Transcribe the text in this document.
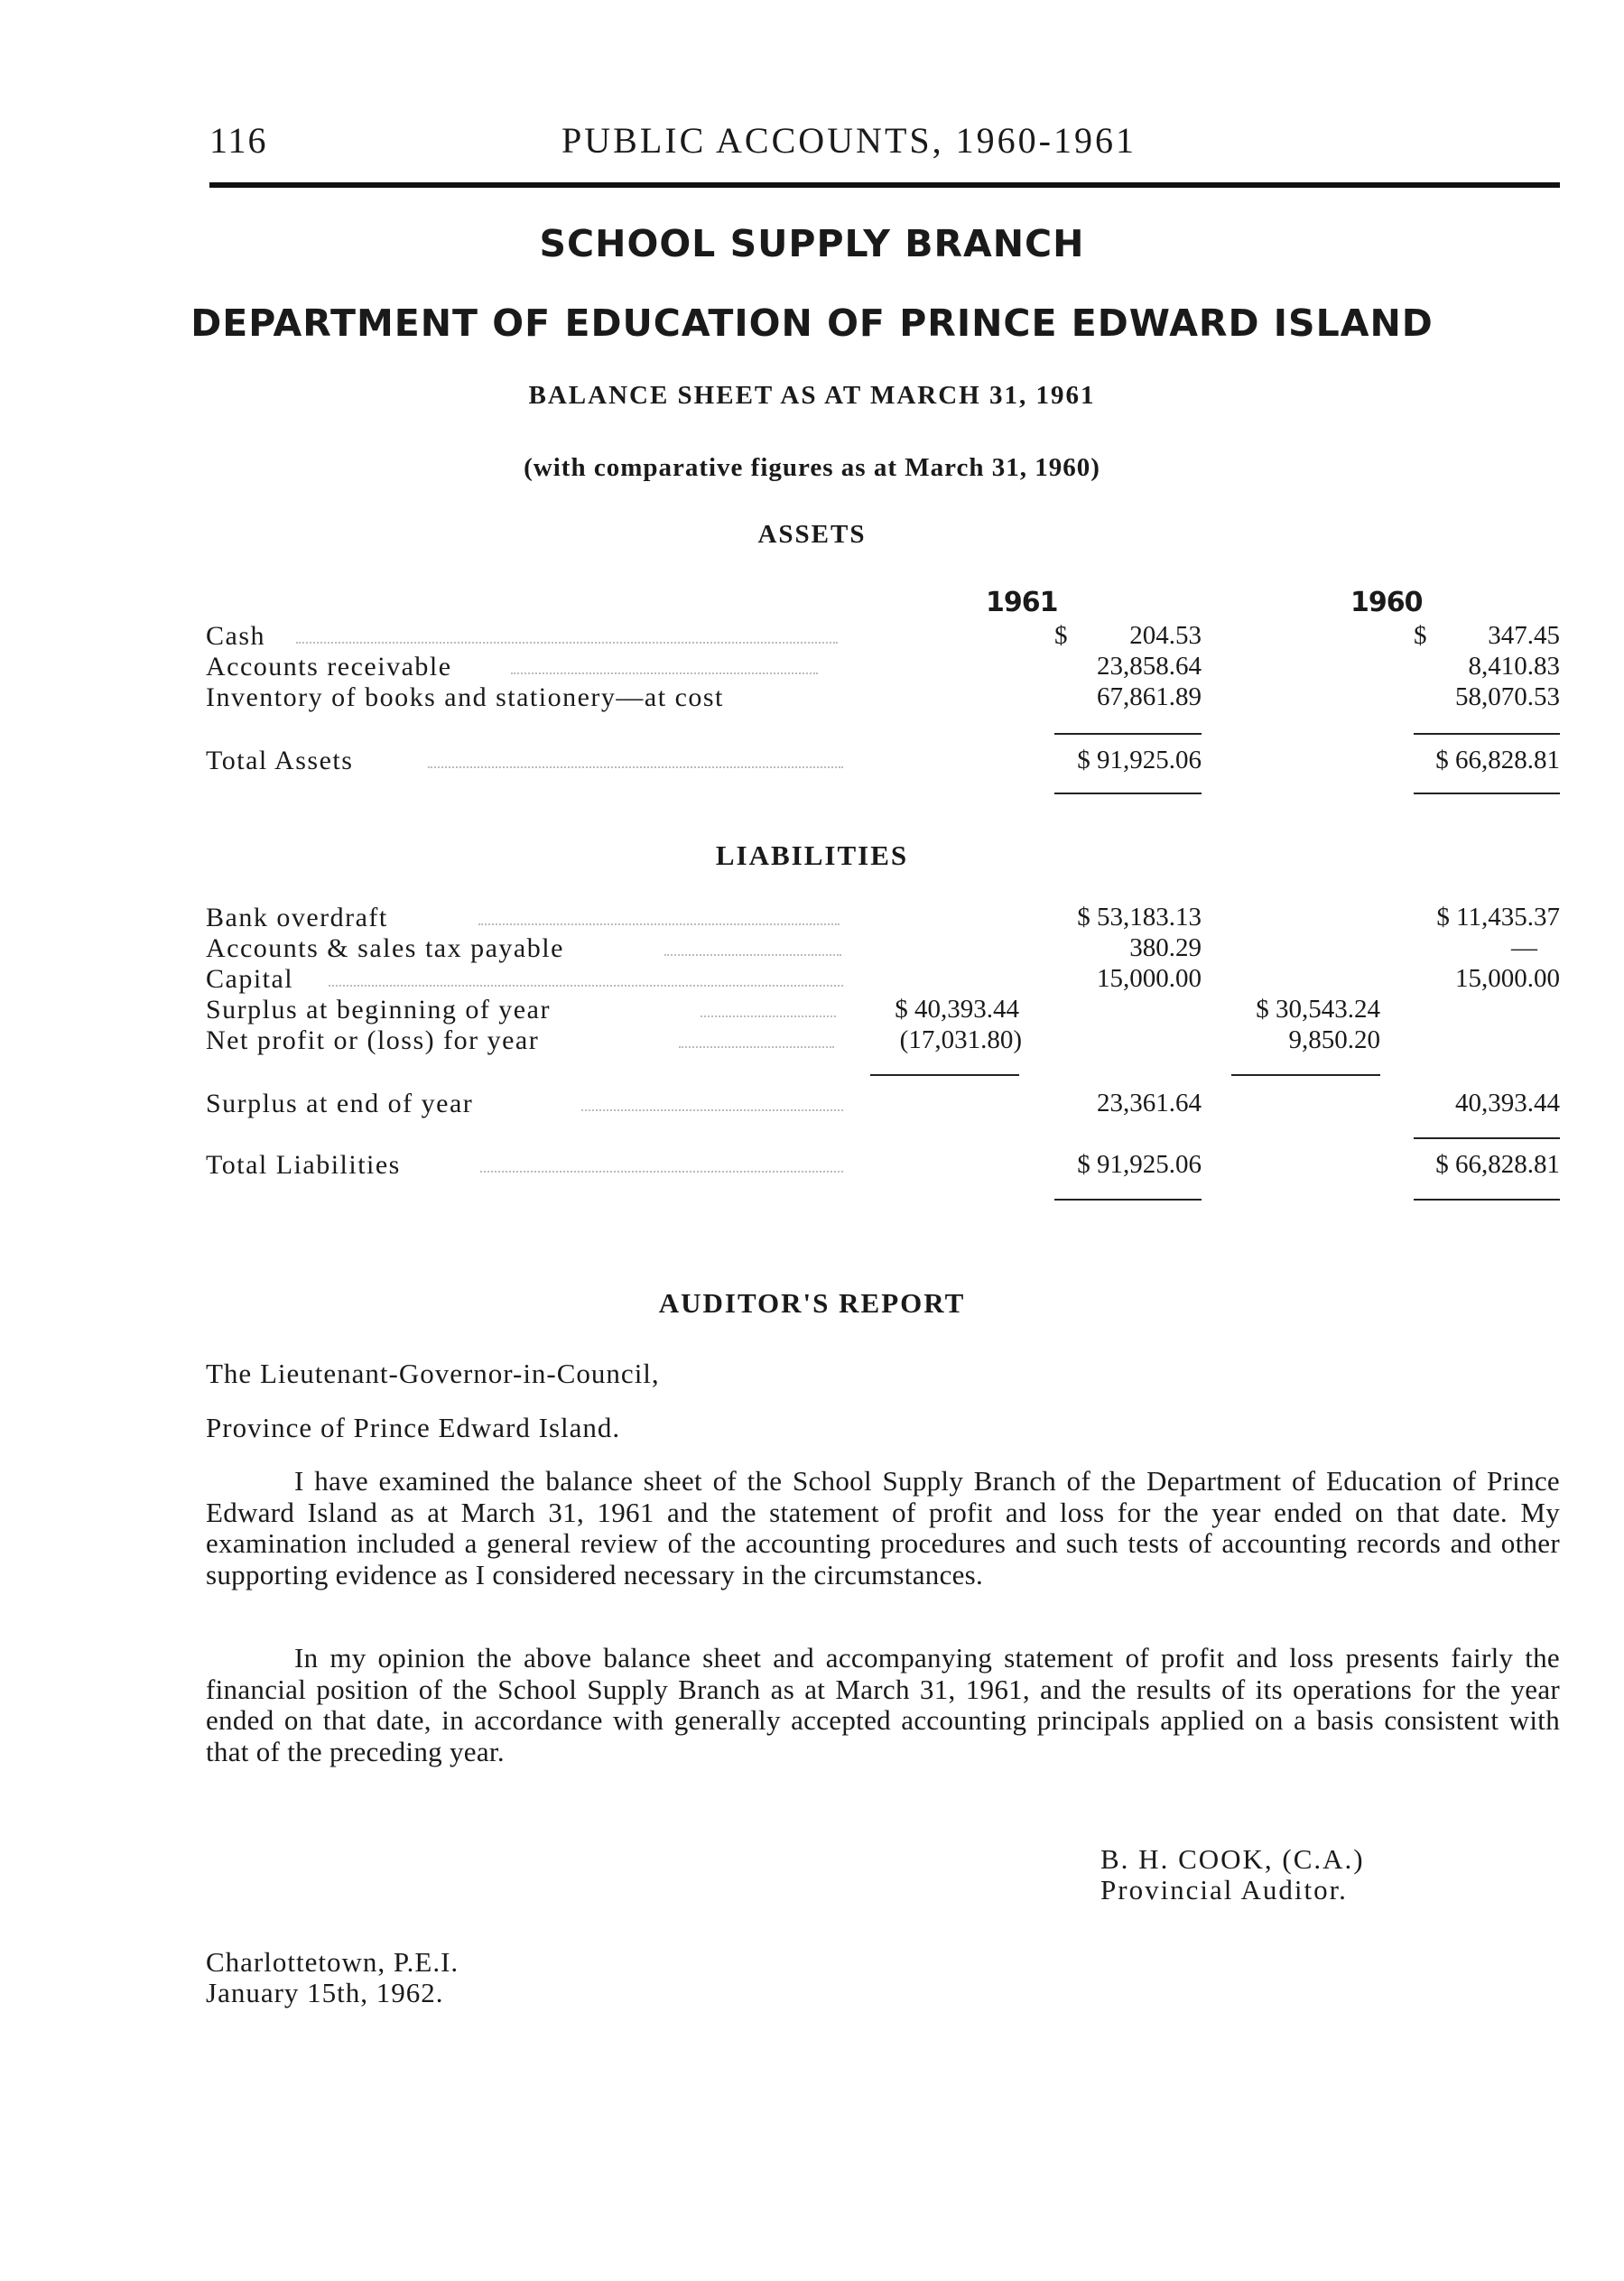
116	PUBLIC ACCOUNTS, 1960-1961
SCHOOL SUPPLY BRANCH
DEPARTMENT OF EDUCATION OF PRINCE EDWARD ISLAND
BALANCE SHEET AS AT MARCH 31, 1961
(with comparative figures as at March 31, 1960)
ASSETS
1961	1960
Cash	$ 204.53	$ 347.45
Accounts receivable	23,858.64	8,410.83
Inventory of books and stationery—at cost	67,861.89	58,070.53
Total Assets	$ 91,925.06	$ 66,828.81
LIABILITIES
Bank overdraft	$ 53,183.13	$ 11,435.37
Accounts & sales tax payable	380.29	—
Capital	15,000.00	15,000.00
Surplus at beginning of year	$ 40,393.44	$ 30,543.24
Net profit or (loss) for year	(17,031.80)	9,850.20
Surplus at end of year	23,361.64	40,393.44
Total Liabilities	$ 91,925.06	$ 66,828.81
AUDITOR'S REPORT
The Lieutenant-Governor-in-Council,
Province of Prince Edward Island.
I have examined the balance sheet of the School Supply Branch of the Department of Education of Prince Edward Island as at March 31, 1961 and the statement of profit and loss for the year ended on that date. My examination included a general review of the accounting procedures and such tests of accounting records and other supporting evidence as I considered necessary in the circumstances.
In my opinion the above balance sheet and accompanying statement of profit and loss presents fairly the financial position of the School Supply Branch as at March 31, 1961, and the results of its operations for the year ended on that date, in accordance with generally accepted accounting principals applied on a basis consistent with that of the preceding year.
B. H. COOK, (C.A.)
Provincial Auditor.
Charlottetown, P.E.I.
January 15th, 1962.
